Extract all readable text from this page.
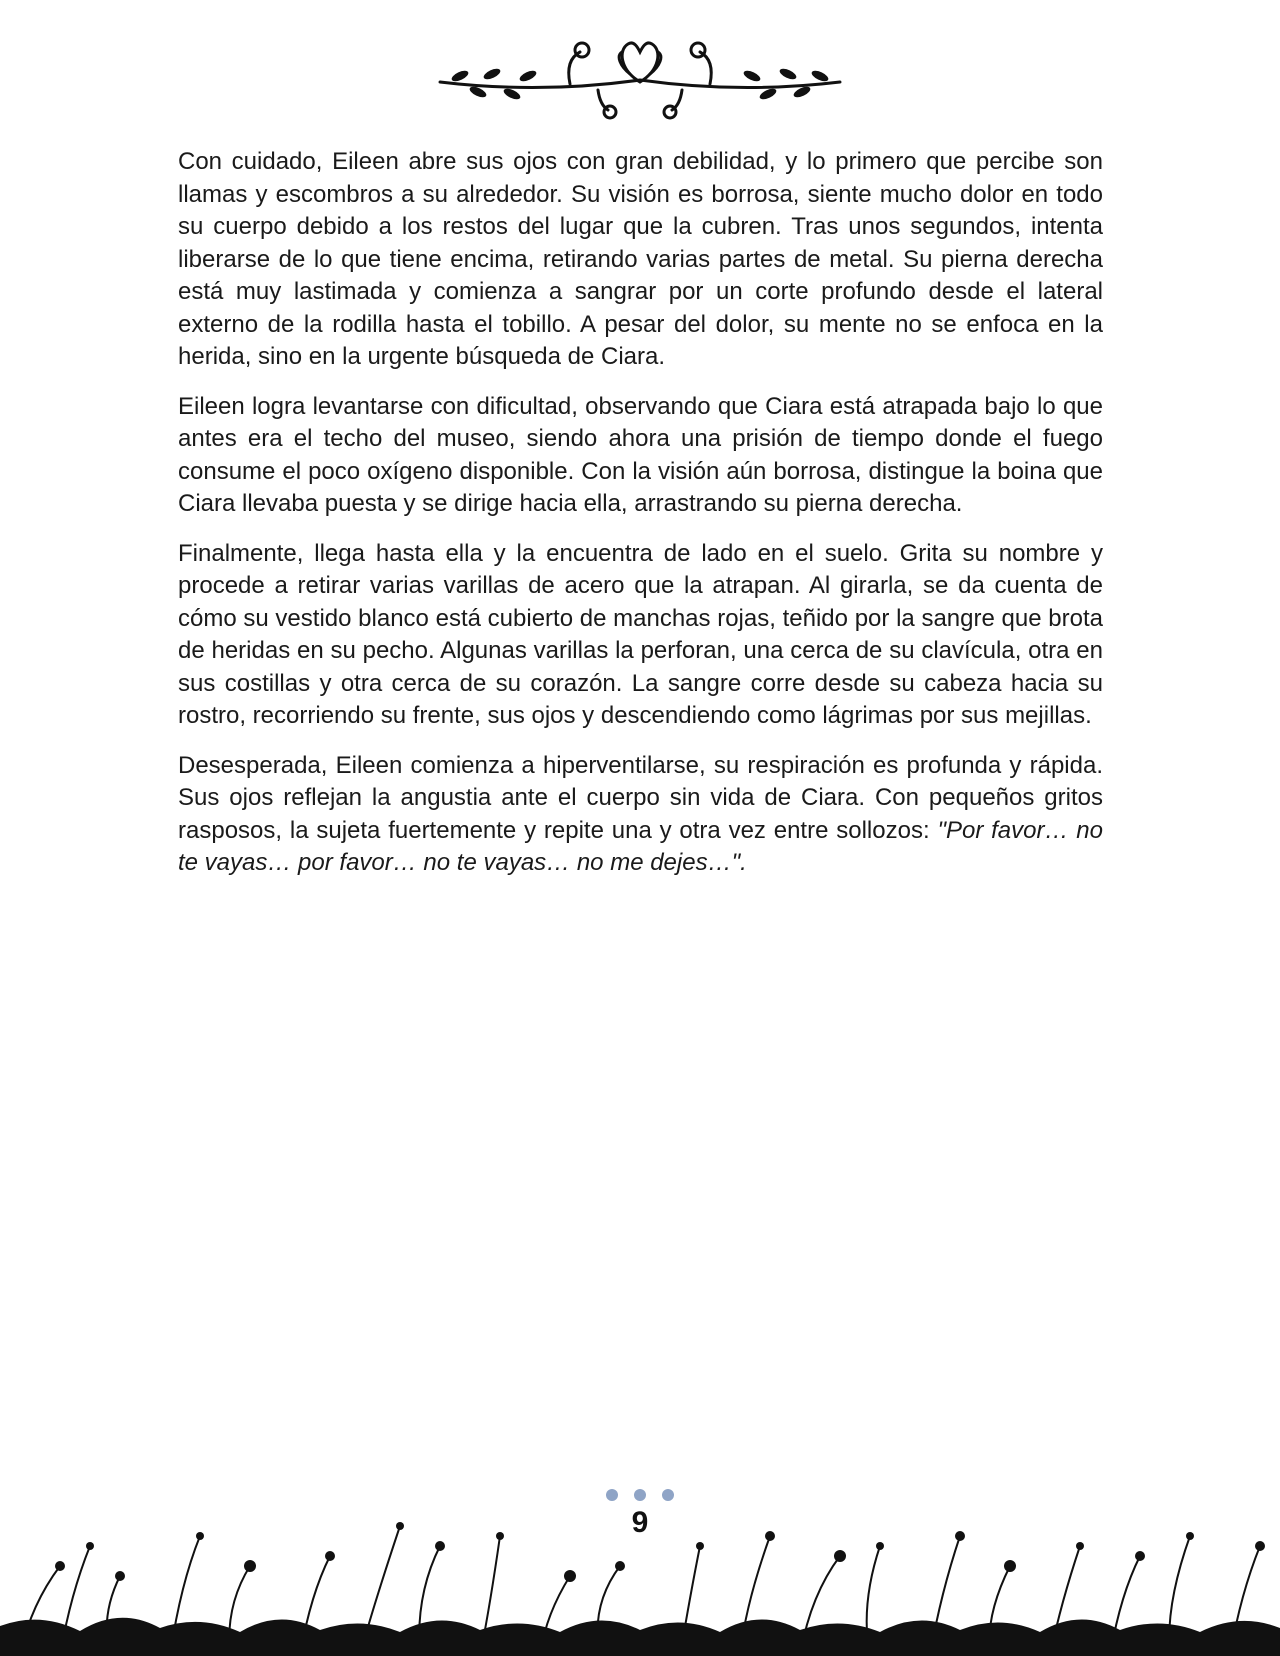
Con cuidado, Eileen abre sus ojos con gran debilidad, y lo primero que percibe son llamas y escombros a su alrededor. Su visión es borrosa, siente mucho dolor en todo su cuerpo debido a los restos del lugar que la cubren. Tras unos segundos, intenta liberarse de lo que tiene encima, retirando varias partes de metal. Su pierna derecha está muy lastimada y comienza a sangrar por un corte profundo desde el lateral externo de la rodilla hasta el tobillo. A pesar del dolor, su mente no se enfoca en la herida, sino en la urgente búsqueda de Ciara.

Eileen logra levantarse con dificultad, observando que Ciara está atrapada bajo lo que antes era el techo del museo, siendo ahora una prisión de tiempo donde el fuego consume el poco oxígeno disponible. Con la visión aún borrosa, distingue la boina que Ciara llevaba puesta y se dirige hacia ella, arrastrando su pierna derecha.

Finalmente, llega hasta ella y la encuentra de lado en el suelo. Grita su nombre y procede a retirar varias varillas de acero que la atrapan. Al girarla, se da cuenta de cómo su vestido blanco está cubierto de manchas rojas, teñido por la sangre que brota de heridas en su pecho. Algunas varillas la perforan, una cerca de su clavícula, otra en sus costillas y otra cerca de su corazón. La sangre corre desde su cabeza hacia su rostro, recorriendo su frente, sus ojos y descendiendo como lágrimas por sus mejillas.

Desesperada, Eileen comienza a hiperventilarse, su respiración es profunda y rápida. Sus ojos reflejan la angustia ante el cuerpo sin vida de Ciara. Con pequeños gritos rasposos, la sujeta fuertemente y repite una y otra vez entre sollozos: "Por favor… no te vayas… por favor… no te vayas… no me dejes…".

9
